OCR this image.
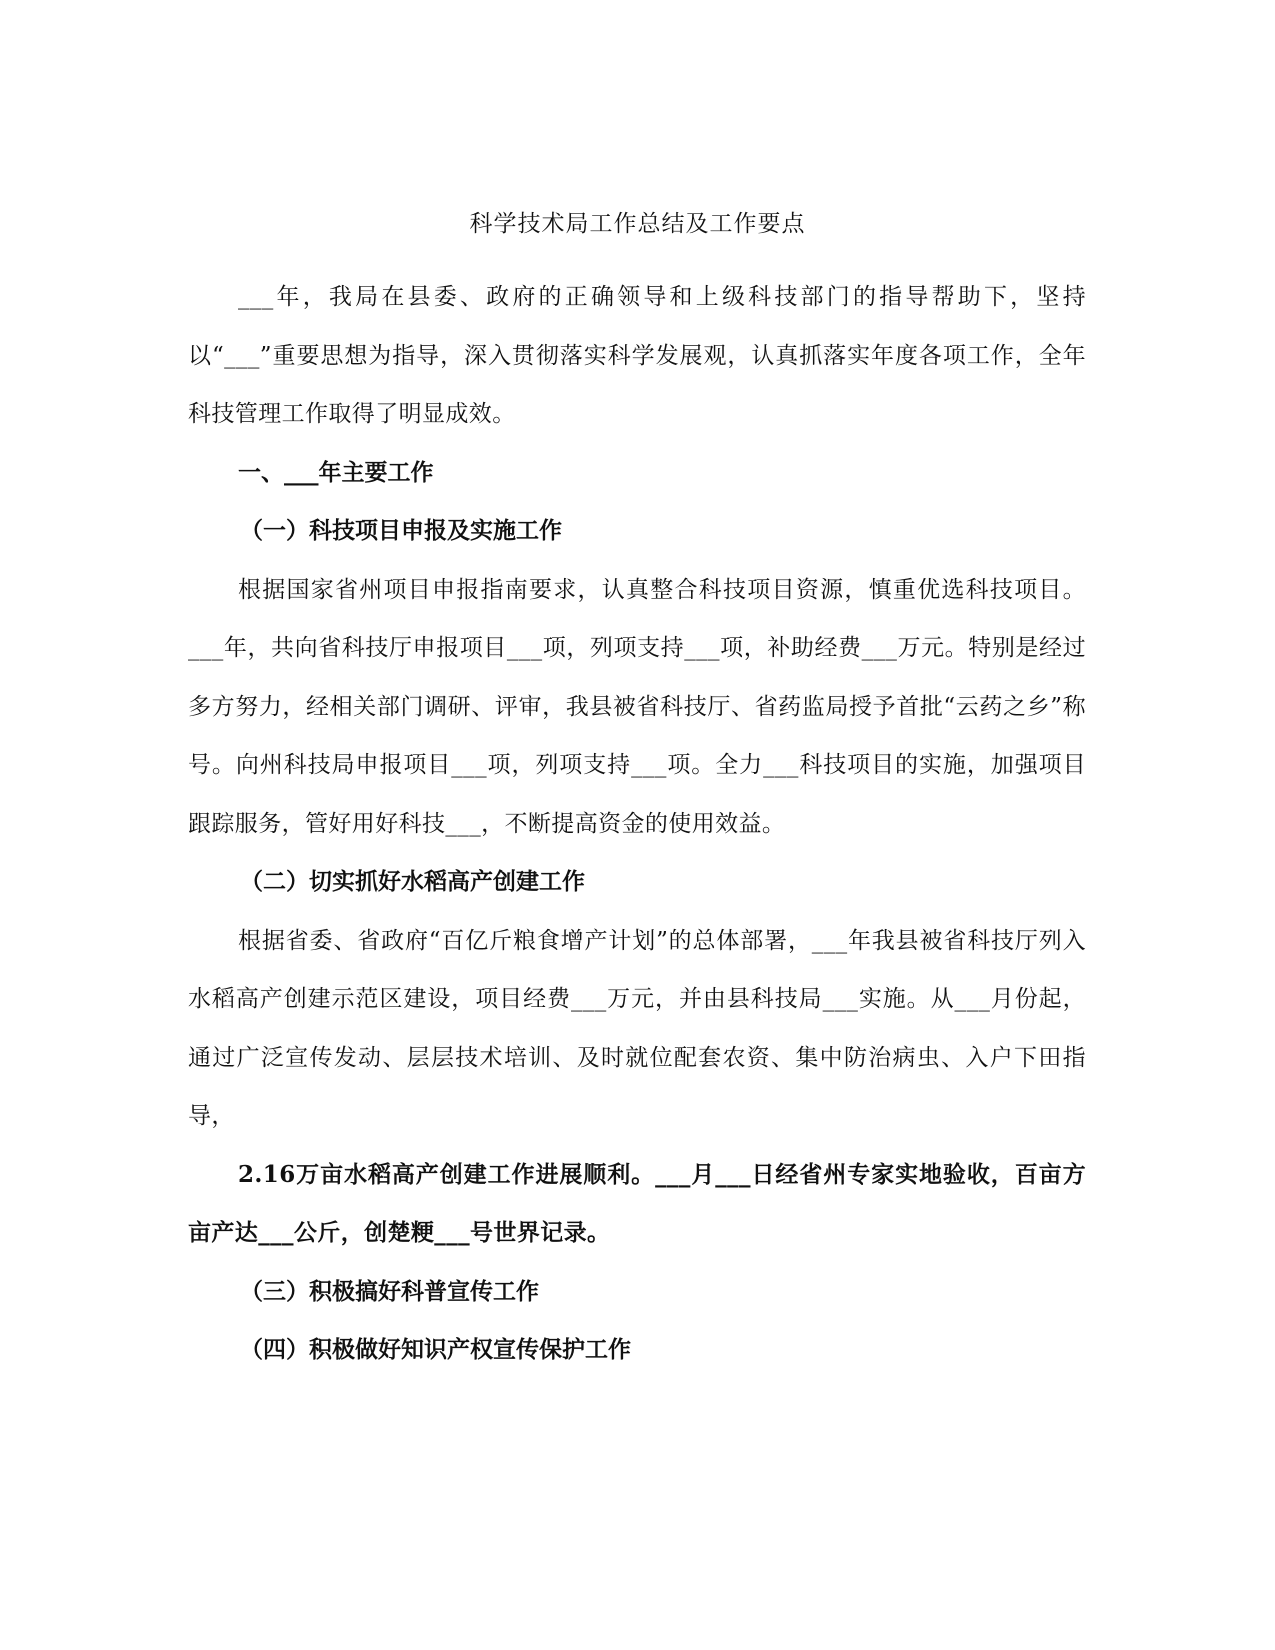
科学技术局工作总结及工作要点

___年，我局在县委、政府的正确领导和上级科技部门的指导帮助下，坚持以“___”重要思想为指导，深入贯彻落实科学发展观，认真抓落实年度各项工作，全年科技管理工作取得了明显成效。

一、___年主要工作

（一）科技项目申报及实施工作

根据国家省州项目申报指南要求，认真整合科技项目资源，慎重优选科技项目。___年，共向省科技厅申报项目___项，列项支持___项，补助经费___万元。特别是经过多方努力，经相关部门调研、评审，我县被省科技厅、省药监局授予首批“云药之乡”称号。向州科技局申报项目___项，列项支持___项。全力___科技项目的实施，加强项目跟踪服务，管好用好科技___，不断提高资金的使用效益。

（二）切实抓好水稻高产创建工作

根据省委、省政府“百亿斤粮食增产计划”的总体部署，___年我县被省科技厅列入水稻高产创建示范区建设，项目经费___万元，并由县科技局___实施。从___月份起，通过广泛宣传发动、层层技术培训、及时就位配套农资、集中防治病虫、入户下田指导，

2.16万亩水稻高产创建工作进展顺利。___月___日经省州专家实地验收，百亩方亩产达___公斤，创楚粳___号世界记录。

（三）积极搞好科普宣传工作

（四）积极做好知识产权宣传保护工作
